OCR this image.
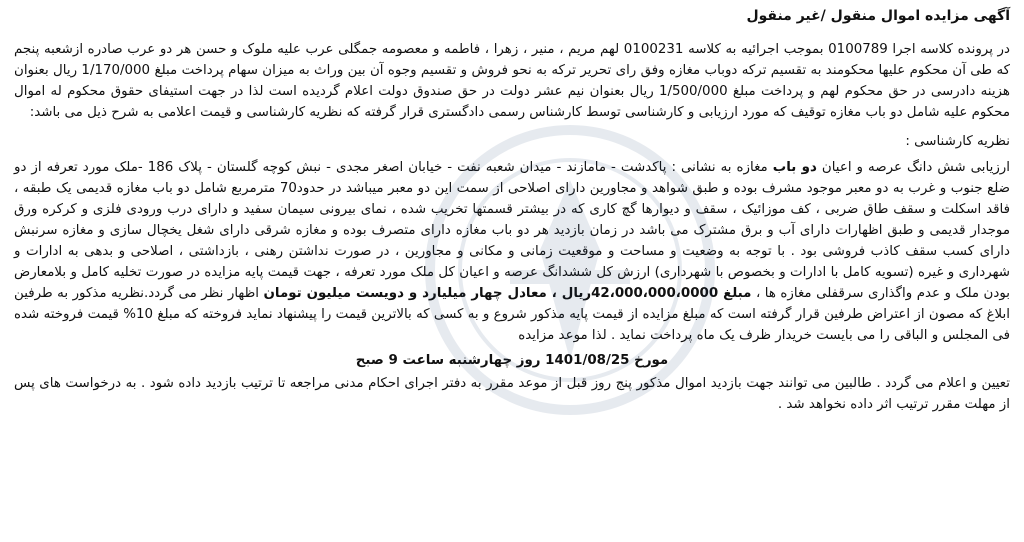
آگهی مزایده اموال منقول /غیر منقول

در پرونده کلاسه اجرا 0100789 بموجب اجرائیه به کلاسه 0100231 لهم مریم ، منیر ، زهرا ، فاطمه و معصومه جمگلی عرب علیه ملوک و حسن هر دو عرب صادره ازشعبه پنجم که طی آن محکوم علیها محکومند به تقسیم ترکه دوباب مغازه وفق رای تحریر ترکه به نحو فروش و تقسیم وجوه آن بین وراث به میزان سهام پرداخت مبلغ 1/170/000 ریال بعنوان هزینه دادرسی در حق محکوم لهم و پرداخت مبلغ 1/500/000 ریال بعنوان نیم عشر دولت در حق صندوق دولت اعلام گردیده است لذا در جهت استیفای حقوق محکوم له اموال محکوم علیه شامل دو باب مغازه توقیف که مورد ارزیابی و کارشناسی توسط کارشناس رسمی دادگستری قرار گرفته که نظریه کارشناسی و قیمت اعلامی به شرح ذیل می باشد:

نظریه کارشناسی :

ارزیابی شش دانگ عرصه و اعیان دو باب مغازه به نشانی : پاکدشت - مامازند - میدان شعبه نفت - خیابان اصغر مجدی - نبش کوچه گلستان - پلاک 186 -ملک مورد تعرفه از دو ضلع جنوب و غرب به دو معبر موجود مشرف بوده و طبق شواهد و مجاورین دارای اصلاحی از سمت این دو معبر میباشد در حدود70 مترمربع شامل دو باب مغازه قدیمی یک طبقه ، فاقد اسکلت و سقف طاق ضربی ، کف موزائیک ، سقف و دیوارها گچ کاری که در بیشتر قسمتها تخریب شده ، نمای بیرونی سیمان سفید و دارای درب ورودی فلزی و کرکره ورق موجدار قدیمی و طبق اظهارات دارای آب و برق مشترک می باشد در زمان بازدید هر دو باب مغازه دارای متصرف بوده و مغازه شرقی دارای شغل یخچال سازی و مغازه سرنبش دارای کسب سقف کاذب فروشی بود . با توجه به وضعیت و مساحت و موقعیت زمانی و مکانی و مجاورین ، در صورت نداشتن رهنی ، بازداشتی ، اصلاحی و بدهی به ادارات و شهرداری و غیره (تسویه کامل با ادارات و بخصوص با شهرداری) ارزش کل ششدانگ عرصه و اعیان کل ملک مورد تعرفه ، جهت قیمت پایه مزایده در صورت تخلیه کامل و بلامعارض بودن ملک و عدم واگذاری سرقفلی مغازه ها ، مبلغ 42،000،000،0000ریال ، معادل چهار میلیارد و دویست میلیون تومان اظهار نظر می گردد.نظریه مذکور به طرفین ابلاغ که مصون از اعتراض طرفین قرار گرفته است که مبلغ مزایده از قیمت پایه مذکور شروع و به کسی که بالاترین قیمت را پیشنهاد نماید فروخته که مبلغ 10% قیمت فروخته شده فی المجلس و الباقی را می بایست خریدار ظرف یک ماه پرداخت نماید . لذا موعد مزایده

مورخ 1401/08/25 روز چهارشنبه ساعت 9 صبح

تعیین و اعلام می گردد . طالبین می توانند جهت بازدید اموال مذکور پنج روز قبل از موعد مقرر به دفتر اجرای احکام مدنی مراجعه تا ترتیب بازدید داده شود . به درخواست های پس از مهلت مقرر ترتیب اثر داده نخواهد شد .
